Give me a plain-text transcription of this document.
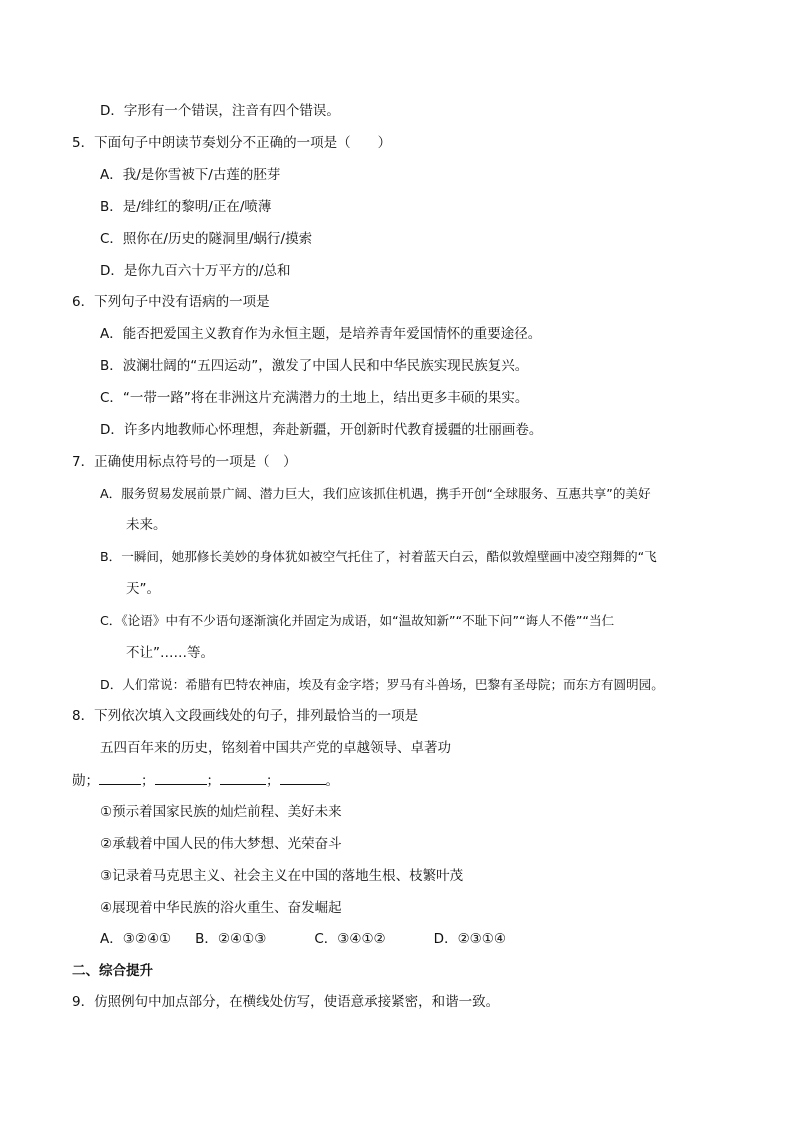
D．字形有一个错误，注音有四个错误。
5．下面句子中朗读节奏划分不正确的一项是（　　）
A．我/是你雪被下/古莲的胚芽
B．是/绯红的黎明/正在/喷薄
C．照你在/历史的隧洞里/蜗行/摸索
D．是你九百六十万平方的/总和
6．下列句子中没有语病的一项是
A．能否把爱国主义教育作为永恒主题，是培养青年爱国情怀的重要途径。
B．波澜壮阔的“五四运动”，激发了中国人民和中华民族实现民族复兴。
C．“一带一路”将在非洲这片充满潜力的土地上，结出更多丰硕的果实。
D．许多内地教师心怀理想，奔赴新疆，开创新时代教育援疆的壮丽画卷。
7．正确使用标点符号的一项是（　）
A．服务贸易发展前景广阔、潜力巨大，我们应该抓住机遇，携手开创“全球服务、互惠共享”的美好
未来。
B．一瞬间，她那修长美妙的身体犹如被空气托住了，衬着蓝天白云，酷似敦煌壁画中凌空翔舞的“飞
天”。
C．《论语》中有不少语句逐渐演化并固定为成语，如“温故知新”“不耻下问”“诲人不倦”“当仁
不让”……等。
D．人们常说：希腊有巴特农神庙，埃及有金字塔；罗马有斗兽场，巴黎有圣母院；而东方有圆明园。
8．下列依次填入文段画线处的句子，排列最恰当的一项是
五四百年来的历史，铭刻着中国共产党的卓越领导、卓著功
勋；	；	；	；	。
①预示着国家民族的灿烂前程、美好未来
②承载着中国人民的伟大梦想、光荣奋斗
③记录着马克思主义、社会主义在中国的落地生根、枝繁叶茂
④展现着中华民族的浴火重生、奋发崛起
A．③②④① B．②④①③	C．③④①②	D．②③①④
二、综合提升
9．仿照例句中加点部分，在横线处仿写，使语意承接紧密，和谐一致。
